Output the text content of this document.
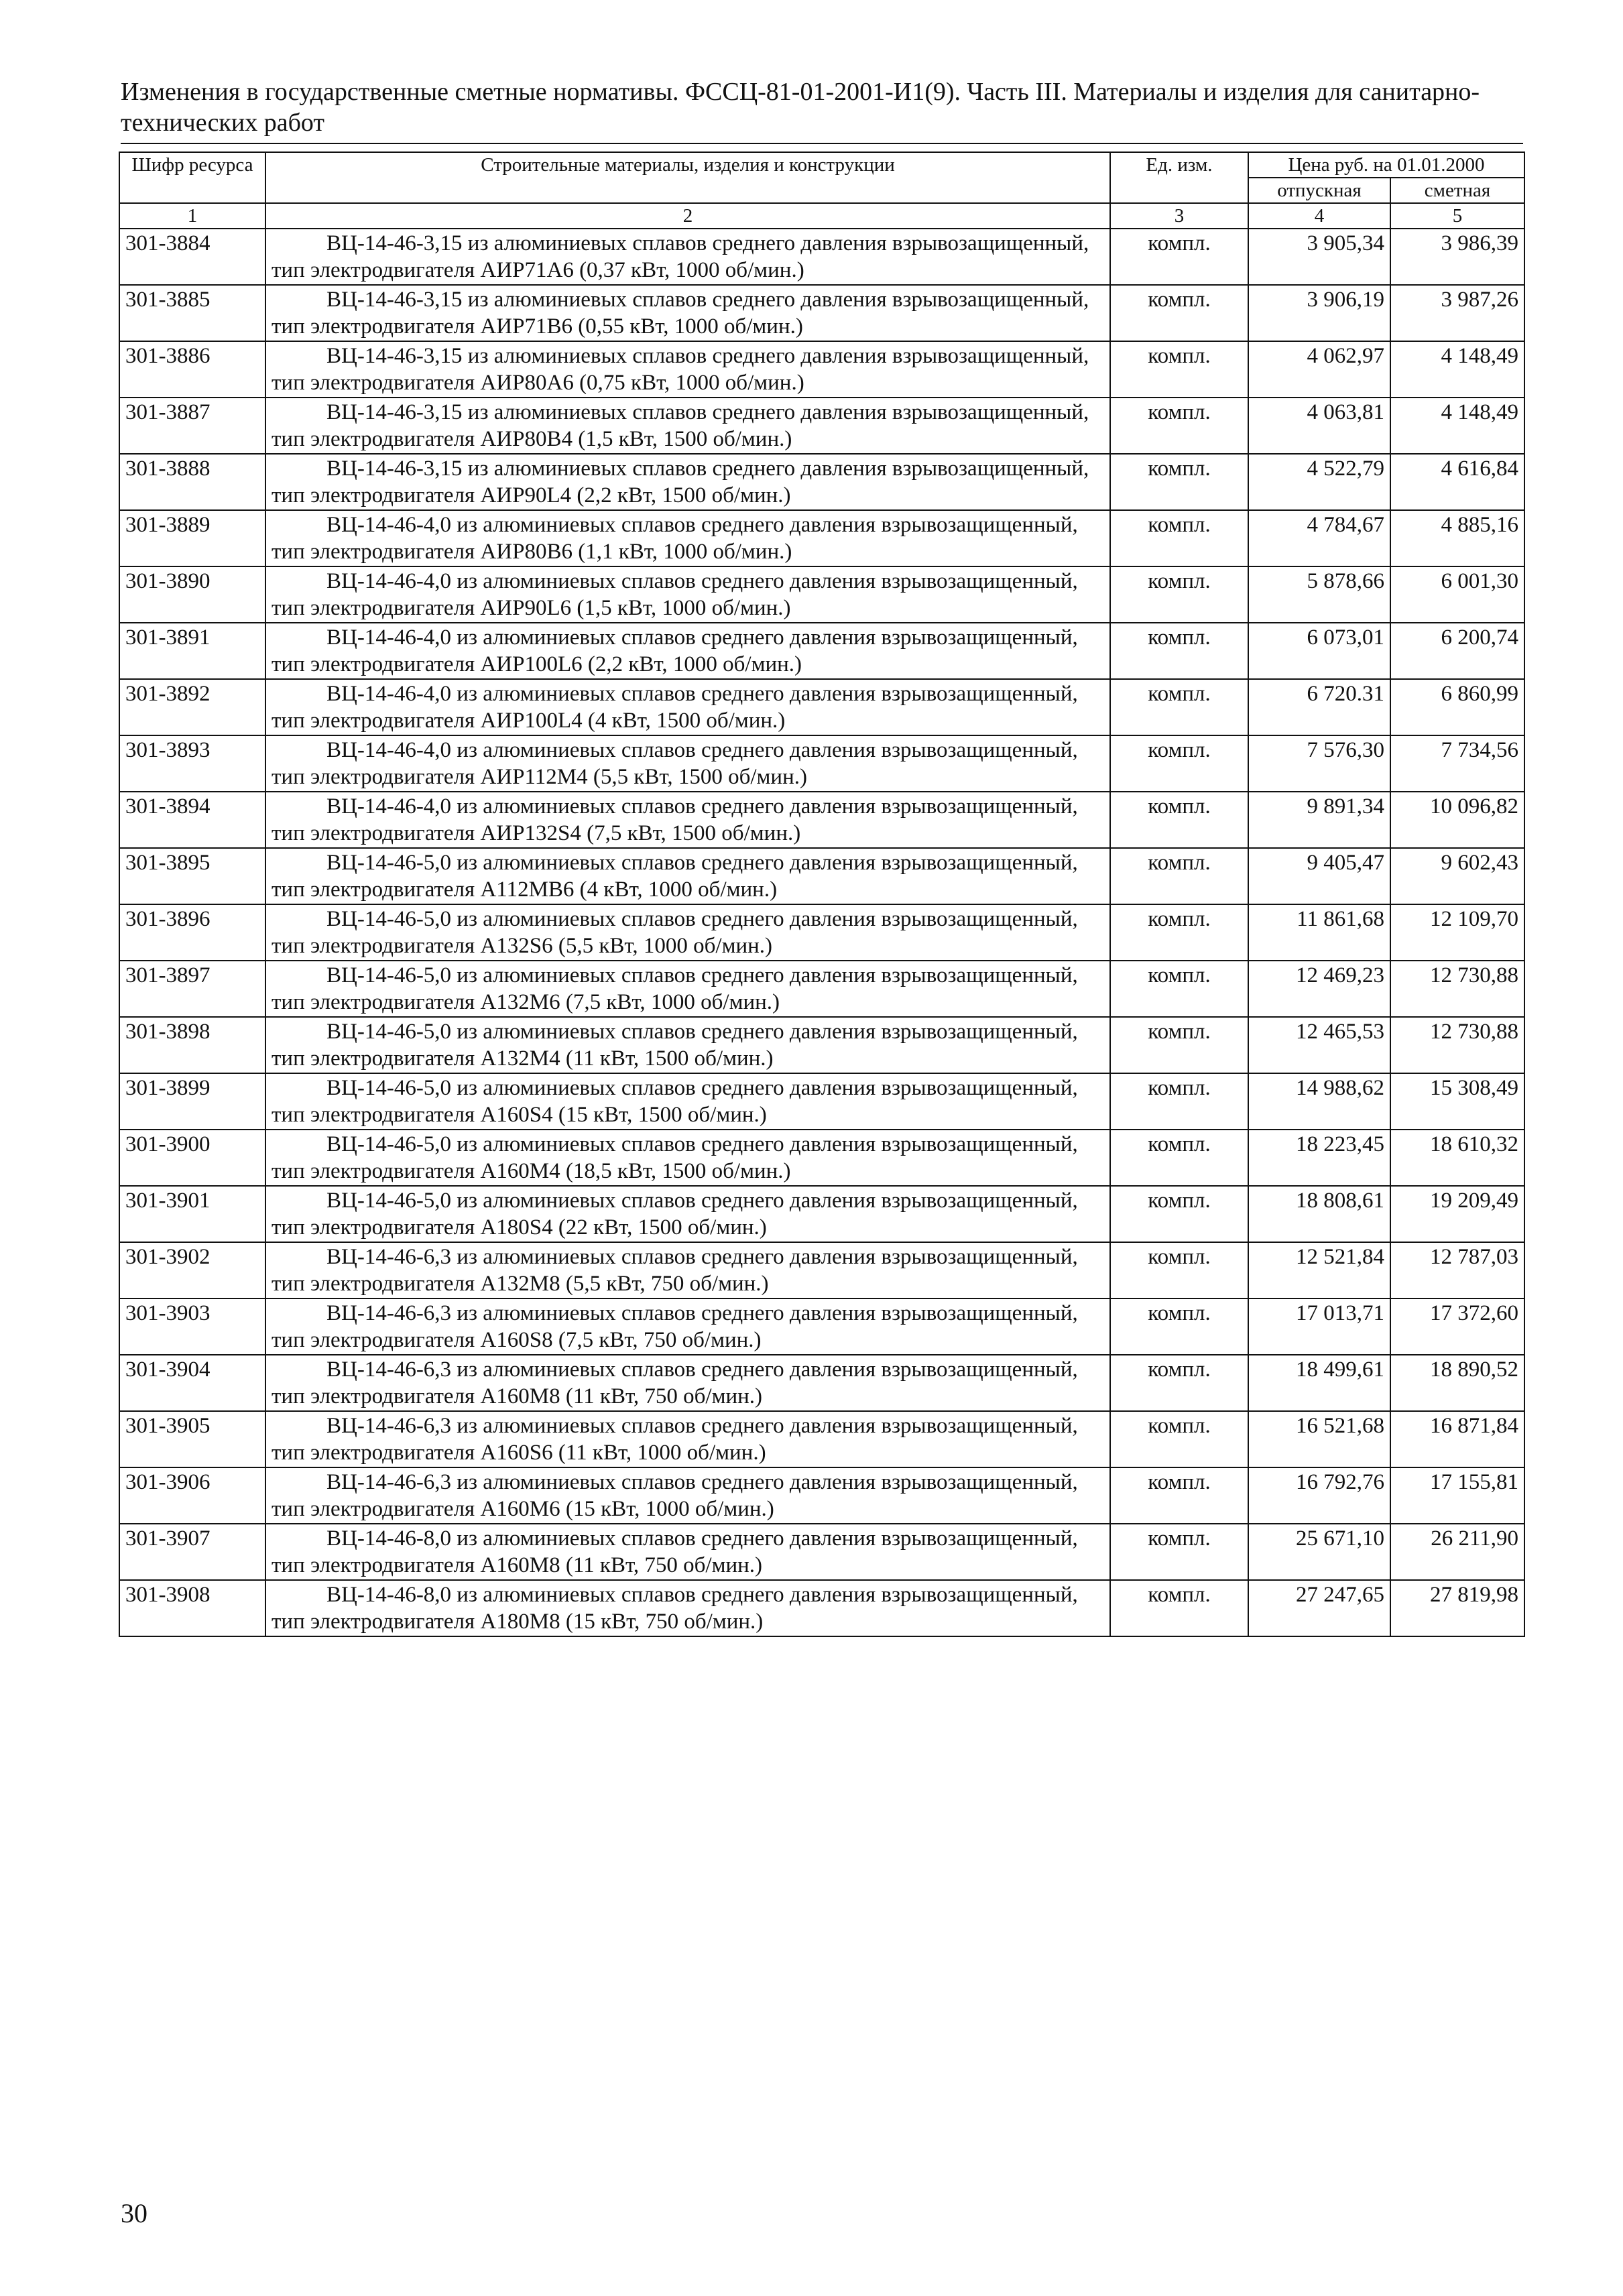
Изменения в государственные сметные нормативы. ФССЦ-81-01-2001-И1(9). Часть III. Материалы и изделия для санитарно-технических работ
Шифр ресурса	Строительные материалы, изделия и конструкции	Ед. изм.	Цена руб. на 01.01.2000	
			отпускная	сметная
1	2	3	4	5
301-3884	ВЦ-14-46-3,15 из алюминиевых сплавов среднего давления взрывозащищенный, тип электродвигателя АИР71А6 (0,37 кВт, 1000 об/мин.)	компл.	3 905,34	3 986,39
301-3885	ВЦ-14-46-3,15 из алюминиевых сплавов среднего давления взрывозащищенный, тип электродвигателя АИР71В6 (0,55 кВт, 1000 об/мин.)	компл.	3 906,19	3 987,26
301-3886	ВЦ-14-46-3,15 из алюминиевых сплавов среднего давления взрывозащищенный, тип электродвигателя АИР80А6 (0,75 кВт, 1000 об/мин.)	компл.	4 062,97	4 148,49
301-3887	ВЦ-14-46-3,15 из алюминиевых сплавов среднего давления взрывозащищенный, тип электродвигателя АИР80В4 (1,5 кВт, 1500 об/мин.)	компл.	4 063,81	4 148,49
301-3888	ВЦ-14-46-3,15 из алюминиевых сплавов среднего давления взрывозащищенный, тип электродвигателя АИР90L4 (2,2 кВт, 1500 об/мин.)	компл.	4 522,79	4 616,84
301-3889	ВЦ-14-46-4,0 из алюминиевых сплавов среднего давления взрывозащищенный, тип электродвигателя АИР80В6 (1,1 кВт, 1000 об/мин.)	компл.	4 784,67	4 885,16
301-3890	ВЦ-14-46-4,0 из алюминиевых сплавов среднего давления взрывозащищенный, тип электродвигателя АИР90L6 (1,5 кВт, 1000 об/мин.)	компл.	5 878,66	6 001,30
301-3891	ВЦ-14-46-4,0 из алюминиевых сплавов среднего давления взрывозащищенный, тип электродвигателя АИР100L6 (2,2 кВт, 1000 об/мин.)	компл.	6 073,01	6 200,74
301-3892	ВЦ-14-46-4,0 из алюминиевых сплавов среднего давления взрывозащищенный, тип электродвигателя АИР100L4 (4 кВт, 1500 об/мин.)	компл.	6 720.31	6 860,99
301-3893	ВЦ-14-46-4,0 из алюминиевых сплавов среднего давления взрывозащищенный, тип электродвигателя АИР112М4 (5,5 кВт, 1500 об/мин.)	компл.	7 576,30	7 734,56
301-3894	ВЦ-14-46-4,0 из алюминиевых сплавов среднего давления взрывозащищенный, тип электродвигателя АИР132S4 (7,5 кВт, 1500 об/мин.)	компл.	9 891,34	10 096,82
301-3895	ВЦ-14-46-5,0 из алюминиевых сплавов среднего давления взрывозащищенный, тип электродвигателя А112МВ6 (4 кВт, 1000 об/мин.)	компл.	9 405,47	9 602,43
301-3896	ВЦ-14-46-5,0 из алюминиевых сплавов среднего давления взрывозащищенный, тип электродвигателя А132S6 (5,5 кВт, 1000 об/мин.)	компл.	11 861,68	12 109,70
301-3897	ВЦ-14-46-5,0 из алюминиевых сплавов среднего давления взрывозащищенный, тип электродвигателя А132М6 (7,5 кВт, 1000 об/мин.)	компл.	12 469,23	12 730,88
301-3898	ВЦ-14-46-5,0 из алюминиевых сплавов среднего давления взрывозащищенный, тип электродвигателя А132М4 (11 кВт, 1500 об/мин.)	компл.	12 465,53	12 730,88
301-3899	ВЦ-14-46-5,0 из алюминиевых сплавов среднего давления взрывозащищенный, тип электродвигателя А160S4 (15 кВт, 1500 об/мин.)	компл.	14 988,62	15 308,49
301-3900	ВЦ-14-46-5,0 из алюминиевых сплавов среднего давления взрывозащищенный, тип электродвигателя А160М4 (18,5 кВт, 1500 об/мин.)	компл.	18 223,45	18 610,32
301-3901	ВЦ-14-46-5,0 из алюминиевых сплавов среднего давления взрывозащищенный, тип электродвигателя А180S4 (22 кВт, 1500 об/мин.)	компл.	18 808,61	19 209,49
301-3902	ВЦ-14-46-6,3 из алюминиевых сплавов среднего давления взрывозащищенный, тип электродвигателя А132М8 (5,5 кВт, 750 об/мин.)	компл.	12 521,84	12 787,03
301-3903	ВЦ-14-46-6,3 из алюминиевых сплавов среднего давления взрывозащищенный, тип электродвигателя А160S8 (7,5 кВт, 750 об/мин.)	компл.	17 013,71	17 372,60
301-3904	ВЦ-14-46-6,3 из алюминиевых сплавов среднего давления взрывозащищенный, тип электродвигателя А160М8 (11 кВт, 750 об/мин.)	компл.	18 499,61	18 890,52
301-3905	ВЦ-14-46-6,3 из алюминиевых сплавов среднего давления взрывозащищенный, тип электродвигателя А160S6 (11 кВт, 1000 об/мин.)	компл.	16 521,68	16 871,84
301-3906	ВЦ-14-46-6,3 из алюминиевых сплавов среднего давления взрывозащищенный, тип электродвигателя А160М6 (15 кВт, 1000 об/мин.)	компл.	16 792,76	17 155,81
301-3907	ВЦ-14-46-8,0 из алюминиевых сплавов среднего давления взрывозащищенный, тип электродвигателя А160М8 (11 кВт, 750 об/мин.)	компл.	25 671,10	26 211,90
301-3908	ВЦ-14-46-8,0 из алюминиевых сплавов среднего давления взрывозащищенный, тип электродвигателя А180М8 (15 кВт, 750 об/мин.)	компл.	27 247,65	27 819,98
30
